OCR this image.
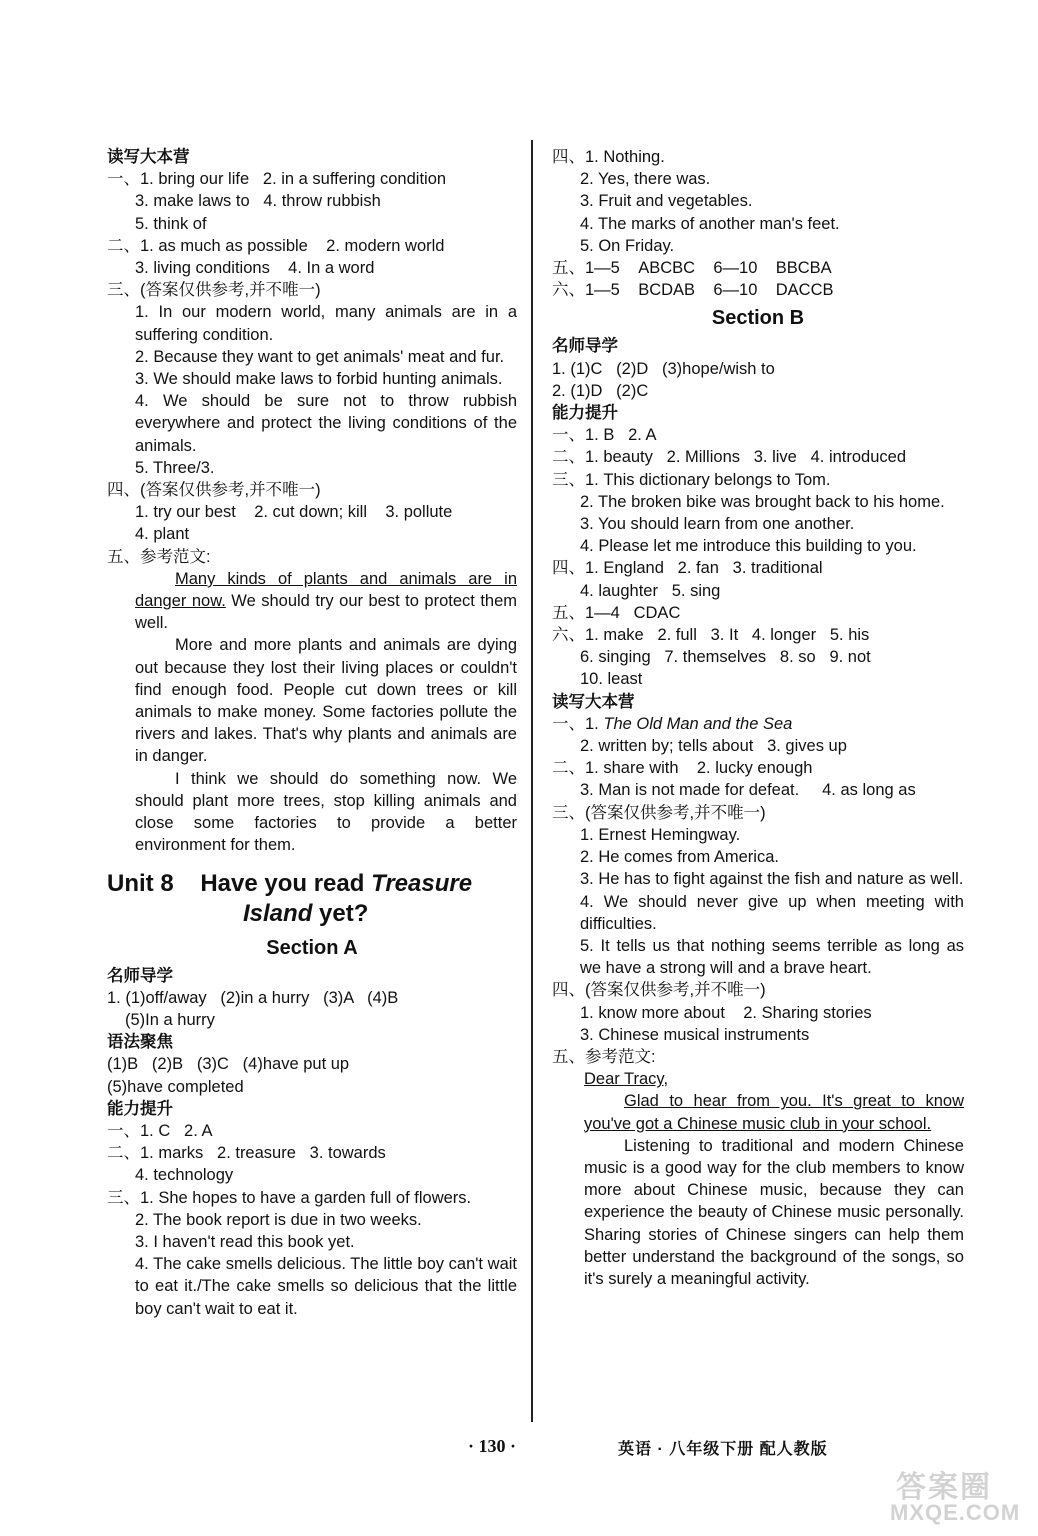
读写大本营
一、1. bring our life   2. in a suffering condition
3. make laws to   4. throw rubbish
5. think of
二、1. as much as possible    2. modern world
3. living conditions    4. In a word
三、(答案仅供参考,并不唯一)
1. In our modern world, many animals are in a suffering condition.
2. Because they want to get animals' meat and fur.
3. We should make laws to forbid hunting animals.
4. We should be sure not to throw rubbish everywhere and protect the living conditions of the animals.
5. Three/3.
四、(答案仅供参考,并不唯一)
1. try our best    2. cut down; kill    3. pollute
4. plant
五、参考范文:

Many kinds of plants and animals are in danger now. We should try our best to protect them well.

More and more plants and animals are dying out because they lost their living places or couldn't find enough food. People cut down trees or kill animals to make money. Some factories pollute the rivers and lakes. That's why plants and animals are in danger.

I think we should do something now. We should plant more trees, stop killing animals and close some factories to provide a better environment for them.

Unit 8    Have you read Treasure
Island yet?
Section A
名师导学
1. (1)off/away   (2)in a hurry   (3)A   (4)B
(5)In a hurry
语法聚焦
(1)B   (2)B   (3)C   (4)have put up
(5)have completed
能力提升
一、1. C   2. A
二、1. marks   2. treasure   3. towards
4. technology
三、1. She hopes to have a garden full of flowers.
2. The book report is due in two weeks.
3. I haven't read this book yet.
4. The cake smells delicious. The little boy can't wait to eat it./The cake smells so delicious that the little boy can't wait to eat it.
四、1. Nothing.
2. Yes, there was.
3. Fruit and vegetables.
4. The marks of another man's feet.
5. On Friday.
五、1—5    ABCBC    6—10    BBCBA
六、1—5    BCDAB    6—10    DACCB
Section B
名师导学
1. (1)C   (2)D   (3)hope/wish to
2. (1)D   (2)C
能力提升
一、1. B   2. A
二、1. beauty   2. Millions   3. live   4. introduced
三、1. This dictionary belongs to Tom.
2. The broken bike was brought back to his home.
3. You should learn from one another.
4. Please let me introduce this building to you.
四、1. England   2. fan   3. traditional
4. laughter   5. sing
五、1—4   CDAC
六、1. make   2. full   3. It   4. longer   5. his
6. singing   7. themselves   8. so   9. not
10. least
读写大本营
一、1. The Old Man and the Sea
2. written by; tells about   3. gives up
二、1. share with    2. lucky enough
3. Man is not made for defeat.     4. as long as
三、(答案仅供参考,并不唯一)
1. Ernest Hemingway.
2. He comes from America.
3. He has to fight against the fish and nature as well.
4. We should never give up when meeting with difficulties.
5. It tells us that nothing seems terrible as long as we have a strong will and a brave heart.
四、(答案仅供参考,并不唯一)
1. know more about    2. Sharing stories
3. Chinese musical instruments
五、参考范文:

Dear Tracy,

Glad to hear from you. It's great to know you've got a Chinese music club in your school.

Listening to traditional and modern Chinese music is a good way for the club members to know more about Chinese music, because they can experience the beauty of Chinese music personally. Sharing stories of Chinese singers can help them better understand the background of the songs, so it's surely a meaningful activity.

· 130 ·	英语 · 八年级下册 配人教版
答案圈
MXQE.COM
